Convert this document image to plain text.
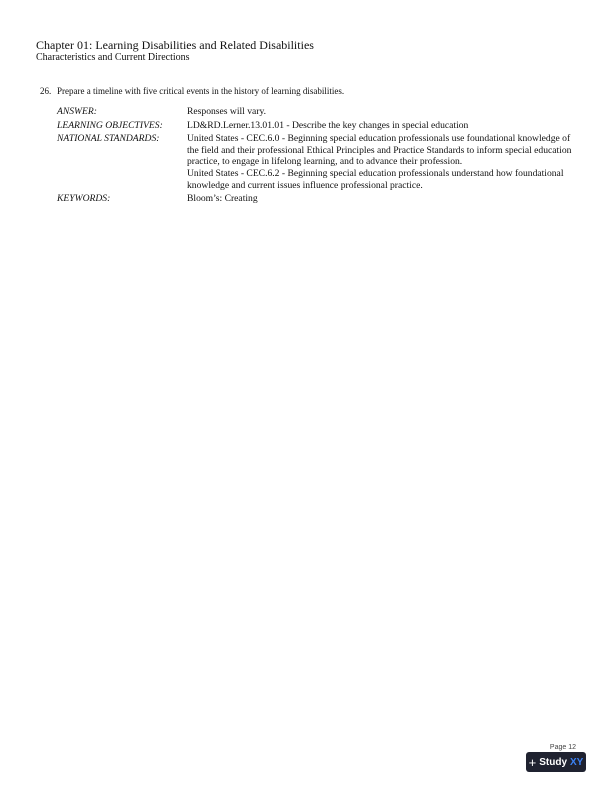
Chapter 01: Learning Disabilities and Related Disabilities
Characteristics and Current Directions
26. Prepare a timeline with five critical events in the history of learning disabilities.
ANSWER:	Responses will vary.
LEARNING OBJECTIVES:	LD&RD.Lerner.13.01.01 - Describe the key changes in special education
NATIONAL STANDARDS:	United States - CEC.6.0 - Beginning special education professionals use foundational knowledge of the field and their professional Ethical Principles and Practice Standards to inform special education practice, to engage in lifelong learning, and to advance their profession.

United States - CEC.6.2 - Beginning special education professionals understand how foundational knowledge and current issues influence professional practice.

KEYWORDS:	Bloom’s: Creating
Page 12
+ Study XY
